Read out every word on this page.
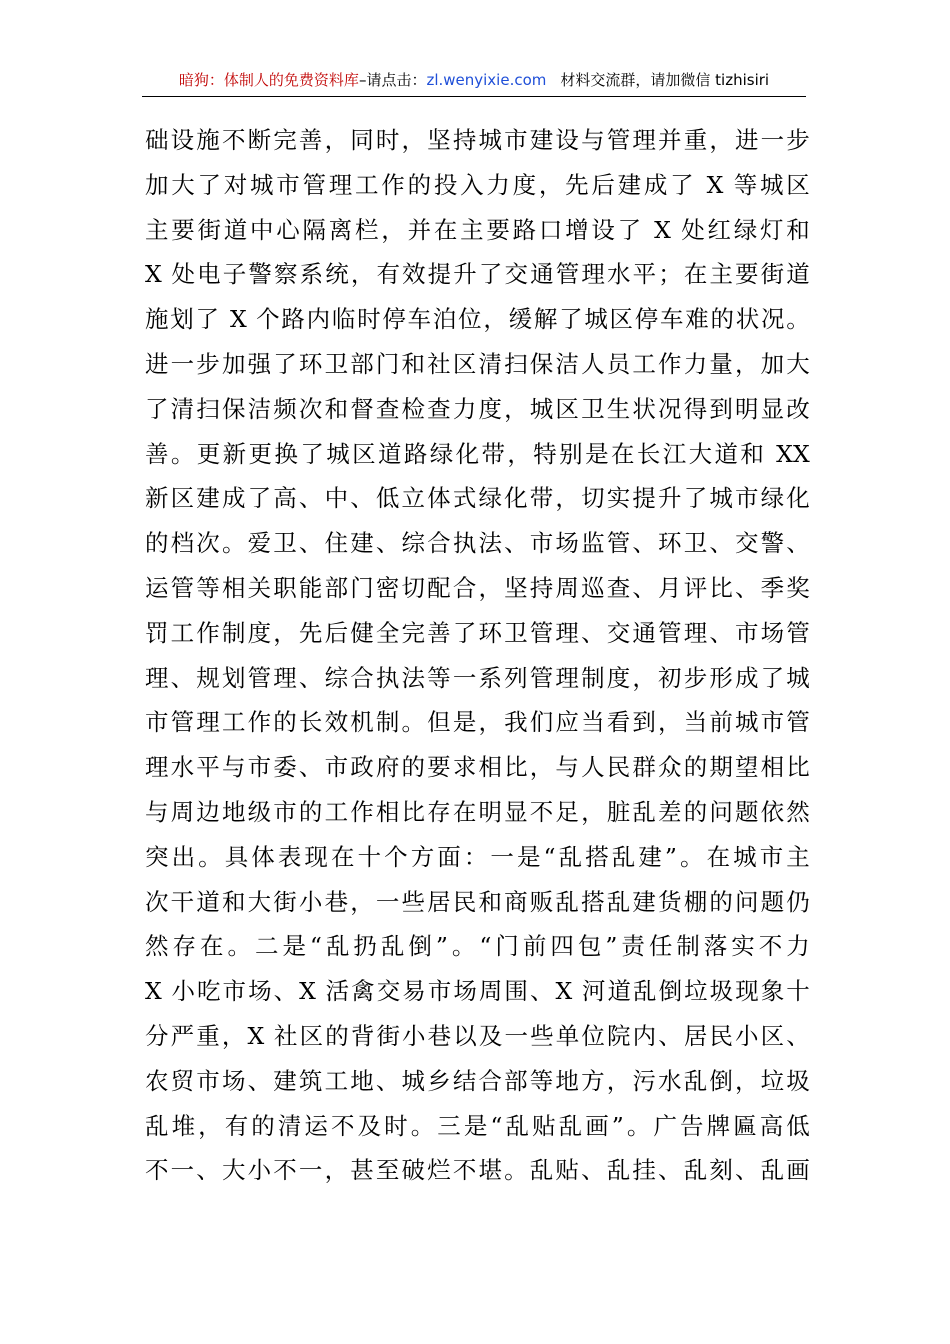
暗狗：体制人的免费资料库–请点击：zl.wenyixie.com 材料交流群，请加微信 tizhisiri
础设施不断完善，同时，坚持城市建设与管理并重，进一步
加大了对城市管理工作的投入力度，先后建成了 X 等城区
主要街道中心隔离栏，并在主要路口增设了 X 处红绿灯和
X 处电子警察系统，有效提升了交通管理水平；在主要街道
施划了 X 个路内临时停车泊位，缓解了城区停车难的状况。
进一步加强了环卫部门和社区清扫保洁人员工作力量，加大
了清扫保洁频次和督查检查力度，城区卫生状况得到明显改
善。更新更换了城区道路绿化带，特别是在长江大道和 XX
新区建成了高、中、低立体式绿化带，切实提升了城市绿化
的档次。爱卫、住建、综合执法、市场监管、环卫、交警、
运管等相关职能部门密切配合，坚持周巡查、月评比、季奖
罚工作制度，先后健全完善了环卫管理、交通管理、市场管
理、规划管理、综合执法等一系列管理制度，初步形成了城
市管理工作的长效机制。但是，我们应当看到，当前城市管
理水平与市委、市政府的要求相比，与人民群众的期望相比
与周边地级市的工作相比存在明显不足，脏乱差的问题依然
突出。具体表现在十个方面：一是“乱搭乱建”。在城市主
次干道和大街小巷，一些居民和商贩乱搭乱建货棚的问题仍
然存在。二是“乱扔乱倒”。“门前四包”责任制落实不力
X 小吃市场、X 活禽交易市场周围、X 河道乱倒垃圾现象十
分严重，X 社区的背街小巷以及一些单位院内、居民小区、
农贸市场、建筑工地、城乡结合部等地方，污水乱倒，垃圾
乱堆，有的清运不及时。三是“乱贴乱画”。广告牌匾高低
不一、大小不一，甚至破烂不堪。乱贴、乱挂、乱刻、乱画
